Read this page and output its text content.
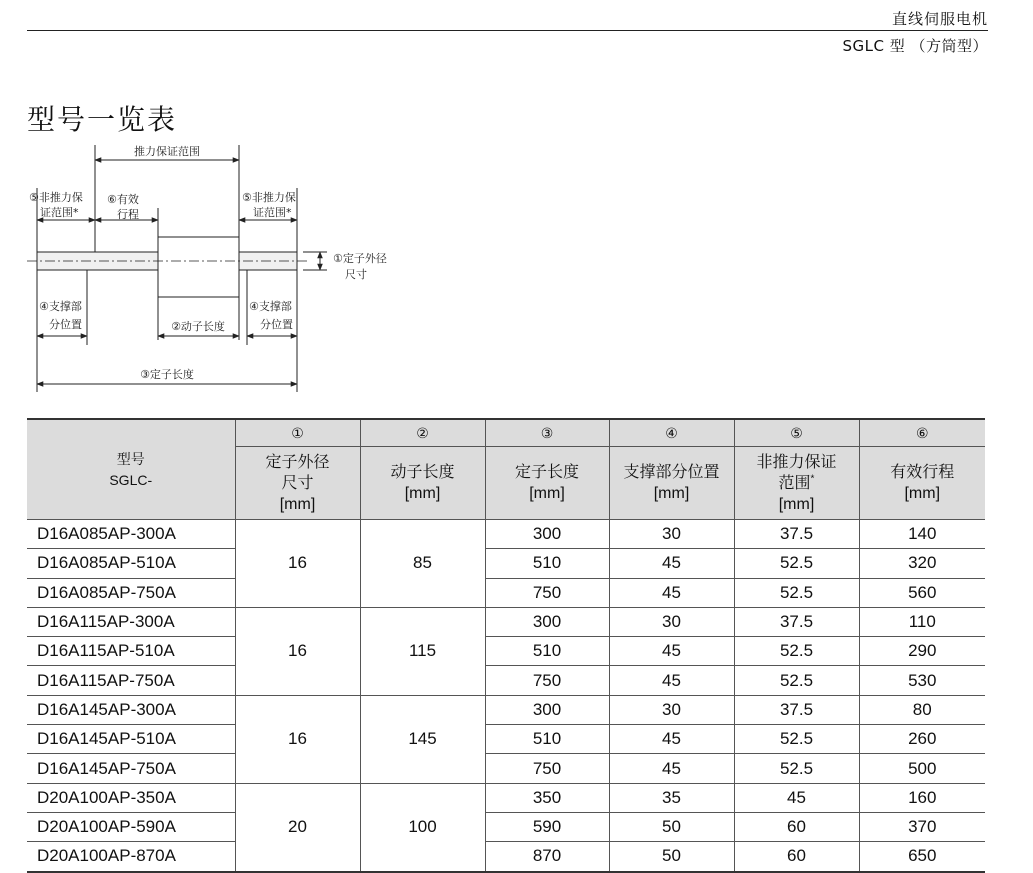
直线伺服电机
SGLC 型 （方筒型）
型号一览表
推力保证范围
⑤非推力保
证范围*
⑥有效
行程
⑤非推力保
证范围*
①定子外径
尺寸
④支撑部
分位置	②动子长度
④支撑部
分位置
③定子长度
型号
SGLC-	①	②	③	④	⑤	⑥
	定子外径
尺寸
[mm]	动子长度
[mm]	定子长度
[mm]	支撑部分位置
[mm]	非推力保证
范围*
[mm]	有效行程
[mm]
D16A085AP-300A	16	85	300	30	37.5	140
D16A085AP-510A			510	45	52.5	320
D16A085AP-750A			750	45	52.5	560
D16A115AP-300A	16	115	300	30	37.5	110
D16A115AP-510A			510	45	52.5	290
D16A115AP-750A			750	45	52.5	530
D16A145AP-300A	16	145	300	30	37.5	80
D16A145AP-510A			510	45	52.5	260
D16A145AP-750A			750	45	52.5	500
D20A100AP-350A	20	100	350	35	45	160
D20A100AP-590A			590	50	60	370
D20A100AP-870A			870	50	60	650
